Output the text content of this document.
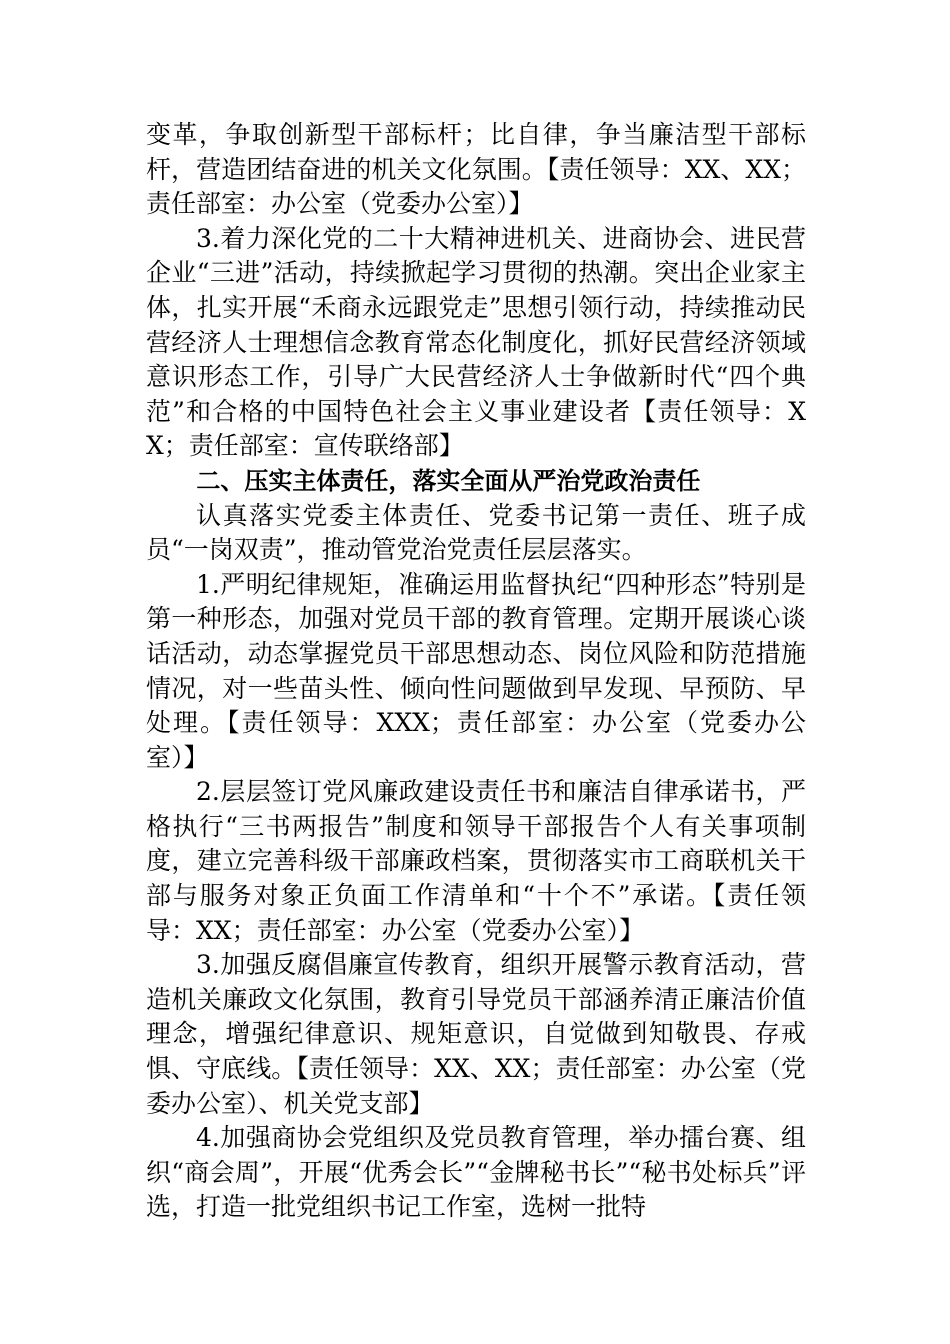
变革，争取创新型干部标杆；比自律，争当廉洁型干部标杆，营造团结奋进的机关文化氛围。【责任领导：XX、XX；责任部室：办公室（党委办公室）】

3.着力深化党的二十大精神进机关、进商协会、进民营企业“三进”活动，持续掀起学习贯彻的热潮。突出企业家主体，扎实开展“禾商永远跟党走”思想引领行动，持续推动民营经济人士理想信念教育常态化制度化，抓好民营经济领域意识形态工作，引导广大民营经济人士争做新时代“四个典范”和合格的中国特色社会主义事业建设者【责任领导：XX；责任部室：宣传联络部】

二、压实主体责任，落实全面从严治党政治责任

认真落实党委主体责任、党委书记第一责任、班子成员“一岗双责”，推动管党治党责任层层落实。

1.严明纪律规矩，准确运用监督执纪“四种形态”特别是第一种形态，加强对党员干部的教育管理。定期开展谈心谈话活动，动态掌握党员干部思想动态、岗位风险和防范措施情况，对一些苗头性、倾向性问题做到早发现、早预防、早处理。【责任领导：XXX；责任部室：办公室（党委办公室）】

2.层层签订党风廉政建设责任书和廉洁自律承诺书，严格执行“三书两报告”制度和领导干部报告个人有关事项制度，建立完善科级干部廉政档案，贯彻落实市工商联机关干部与服务对象正负面工作清单和“十个不”承诺。【责任领导：XX；责任部室：办公室（党委办公室）】

3.加强反腐倡廉宣传教育，组织开展警示教育活动，营造机关廉政文化氛围，教育引导党员干部涵养清正廉洁价值理念，增强纪律意识、规矩意识，自觉做到知敬畏、存戒惧、守底线。【责任领导：XX、XX；责任部室：办公室（党委办公室）、机关党支部】

4.加强商协会党组织及党员教育管理，举办擂台赛、组织“商会周”，开展“优秀会长”“金牌秘书长”“秘书处标兵”评选，打造一批党组织书记工作室，选树一批特
